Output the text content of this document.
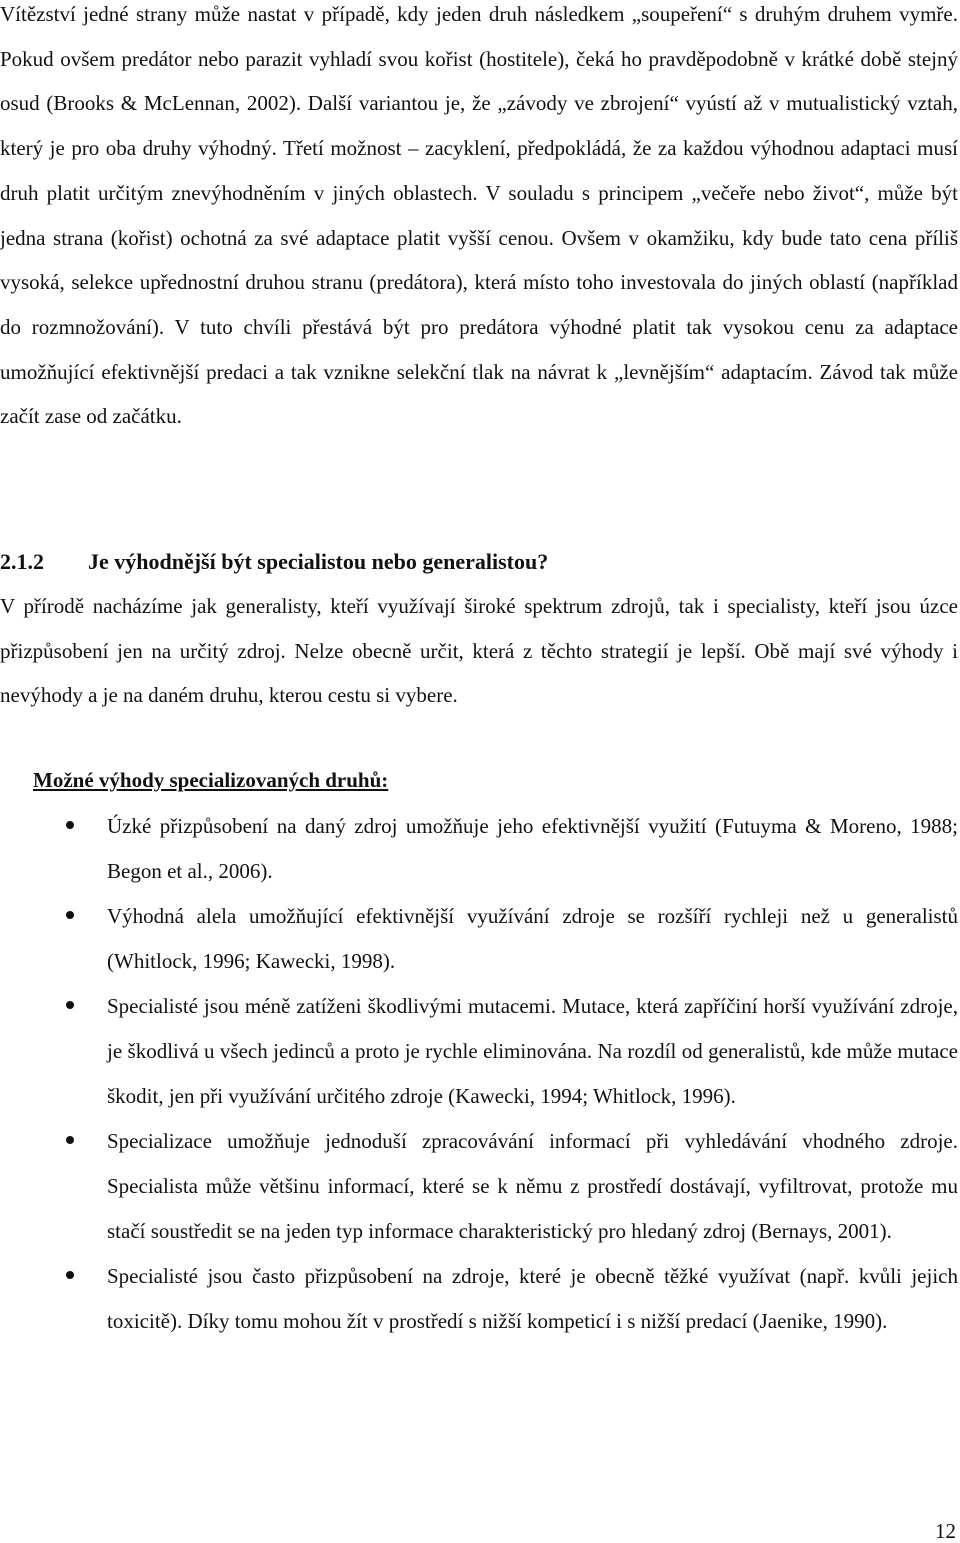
Vítězství jedné strany může nastat v případě, kdy jeden druh následkem „soupeření“ s druhým druhem vymře. Pokud ovšem predátor nebo parazit vyhladí svou kořist (hostitele), čeká ho pravděpodobně v krátké době stejný osud (Brooks & McLennan, 2002). Další variantou je, že „závody ve zbrojení“ vyústí až v mutualistický vztah, který je pro oba druhy výhodný. Třetí možnost – zacyklení, předpokládá, že za každou výhodnou adaptaci musí druh platit určitým znevýhodněním v jiných oblastech. V souladu s principem „večeře nebo život“, může být jedna strana (kořist) ochotná za své adaptace platit vyšší cenou. Ovšem v okamžiku, kdy bude tato cena příliš vysoká, selekce upřednostní druhou stranu (predátora), která místo toho investovala do jiných oblastí (například do rozmnožování). V tuto chvíli přestává být pro predátora výhodné platit tak vysokou cenu za adaptace umožňující efektivnější predaci a tak vznikne selekční tlak na návrat k „levnějším“ adaptacím. Závod tak může začít zase od začátku.

2.1.2 Je výhodnější být specialistou nebo generalistou?

V přírodě nacházíme jak generalisty, kteří využívají široké spektrum zdrojů, tak i specialisty, kteří jsou úzce přizpůsobení jen na určitý zdroj. Nelze obecně určit, která z těchto strategií je lepší. Obě mají své výhody i nevýhody a je na daném druhu, kterou cestu si vybere.

Možné výhody specializovaných druhů:

Úzké přizpůsobení na daný zdroj umožňuje jeho efektivnější využití (Futuyma & Moreno, 1988; Begon et al., 2006).
Výhodná alela umožňující efektivnější využívání zdroje se rozšíří rychleji než u generalistů (Whitlock, 1996; Kawecki, 1998).
Specialisté jsou méně zatíženi škodlivými mutacemi. Mutace, která zapříčiní horší využívání zdroje, je škodlivá u všech jedinců a proto je rychle eliminována. Na rozdíl od generalistů, kde může mutace škodit, jen při využívání určitého zdroje (Kawecki, 1994; Whitlock, 1996).
Specializace umožňuje jednoduší zpracovávání informací při vyhledávání vhodného zdroje. Specialista může většinu informací, které se k němu z prostředí dostávají, vyfiltrovat, protože mu stačí soustředit se na jeden typ informace charakteristický pro hledaný zdroj (Bernays, 2001).
Specialisté jsou často přizpůsobení na zdroje, které je obecně těžké využívat (např. kvůli jejich toxicitě). Díky tomu mohou žít v prostředí s nižší kompeticí i s nižší predací (Jaenike, 1990).
12
